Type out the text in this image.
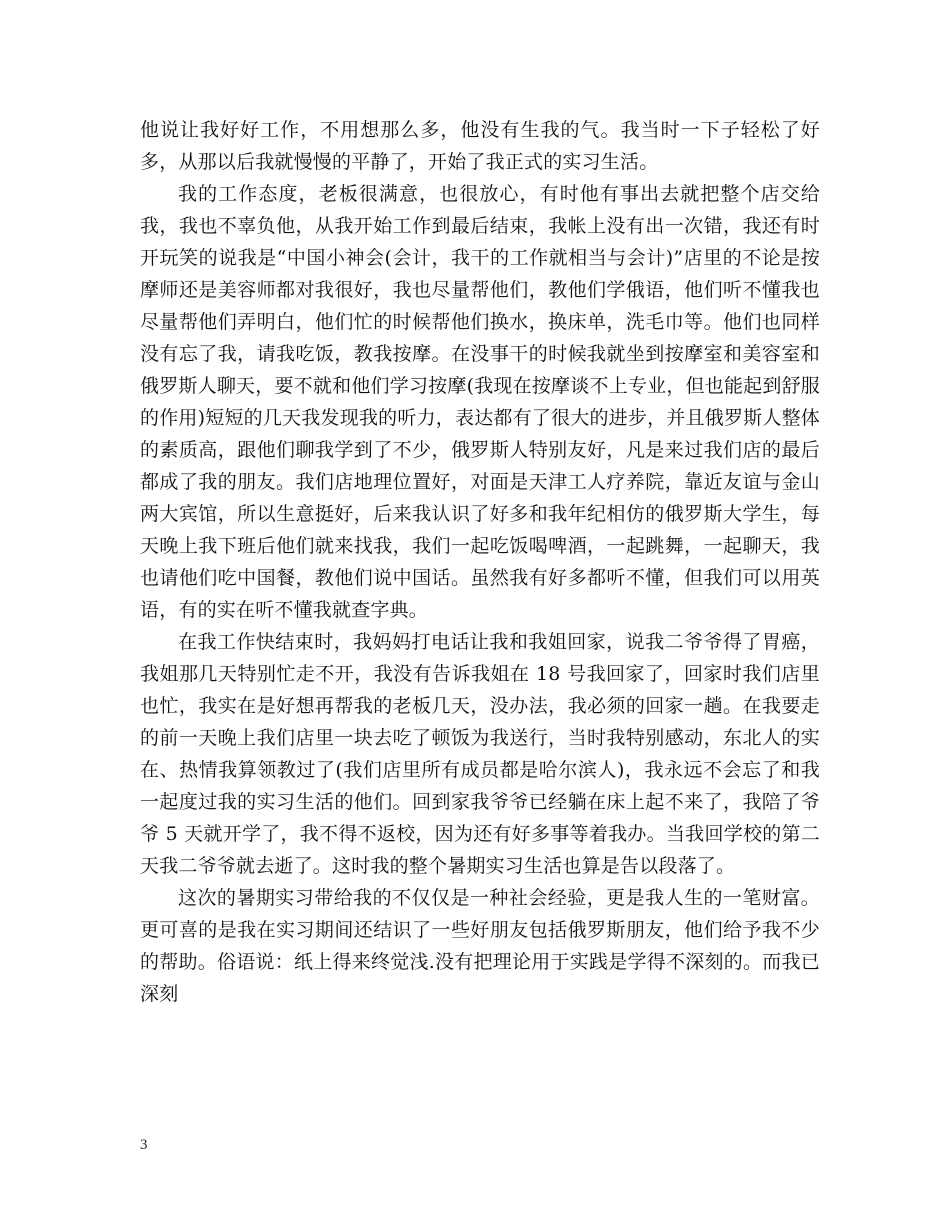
他说让我好好工作，不用想那么多，他没有生我的气。我当时一下子轻松了好多，从那以后我就慢慢的平静了，开始了我正式的实习生活。

我的工作态度，老板很满意，也很放心，有时他有事出去就把整个店交给我，我也不辜负他，从我开始工作到最后结束，我帐上没有出一次错，我还有时开玩笑的说我是“中国小神会(会计，我干的工作就相当与会计)”店里的不论是按摩师还是美容师都对我很好，我也尽量帮他们，教他们学俄语，他们听不懂我也尽量帮他们弄明白，他们忙的时候帮他们换水，换床单，洗毛巾等。他们也同样没有忘了我，请我吃饭，教我按摩。在没事干的时候我就坐到按摩室和美容室和俄罗斯人聊天，要不就和他们学习按摩(我现在按摩谈不上专业，但也能起到舒服的作用)短短的几天我发现我的听力，表达都有了很大的进步，并且俄罗斯人整体的素质高，跟他们聊我学到了不少，俄罗斯人特别友好，凡是来过我们店的最后都成了我的朋友。我们店地理位置好，对面是天津工人疗养院，靠近友谊与金山两大宾馆，所以生意挺好，后来我认识了好多和我年纪相仿的俄罗斯大学生，每天晚上我下班后他们就来找我，我们一起吃饭喝啤酒，一起跳舞，一起聊天，我也请他们吃中国餐，教他们说中国话。虽然我有好多都听不懂，但我们可以用英语，有的实在听不懂我就查字典。

在我工作快结束时，我妈妈打电话让我和我姐回家，说我二爷爷得了胃癌，我姐那几天特别忙走不开，我没有告诉我姐在 18 号我回家了，回家时我们店里也忙，我实在是好想再帮我的老板几天，没办法，我必须的回家一趟。在我要走的前一天晚上我们店里一块去吃了顿饭为我送行，当时我特别感动，东北人的实在、热情我算领教过了(我们店里所有成员都是哈尔滨人)，我永远不会忘了和我一起度过我的实习生活的他们。回到家我爷爷已经躺在床上起不来了，我陪了爷爷 5 天就开学了，我不得不返校，因为还有好多事等着我办。当我回学校的第二天我二爷爷就去逝了。这时我的整个暑期实习生活也算是告以段落了。

这次的暑期实习带给我的不仅仅是一种社会经验，更是我人生的一笔财富。更可喜的是我在实习期间还结识了一些好朋友包括俄罗斯朋友，他们给予我不少的帮助。俗语说：纸上得来终觉浅.没有把理论用于实践是学得不深刻的。而我已深刻

3
